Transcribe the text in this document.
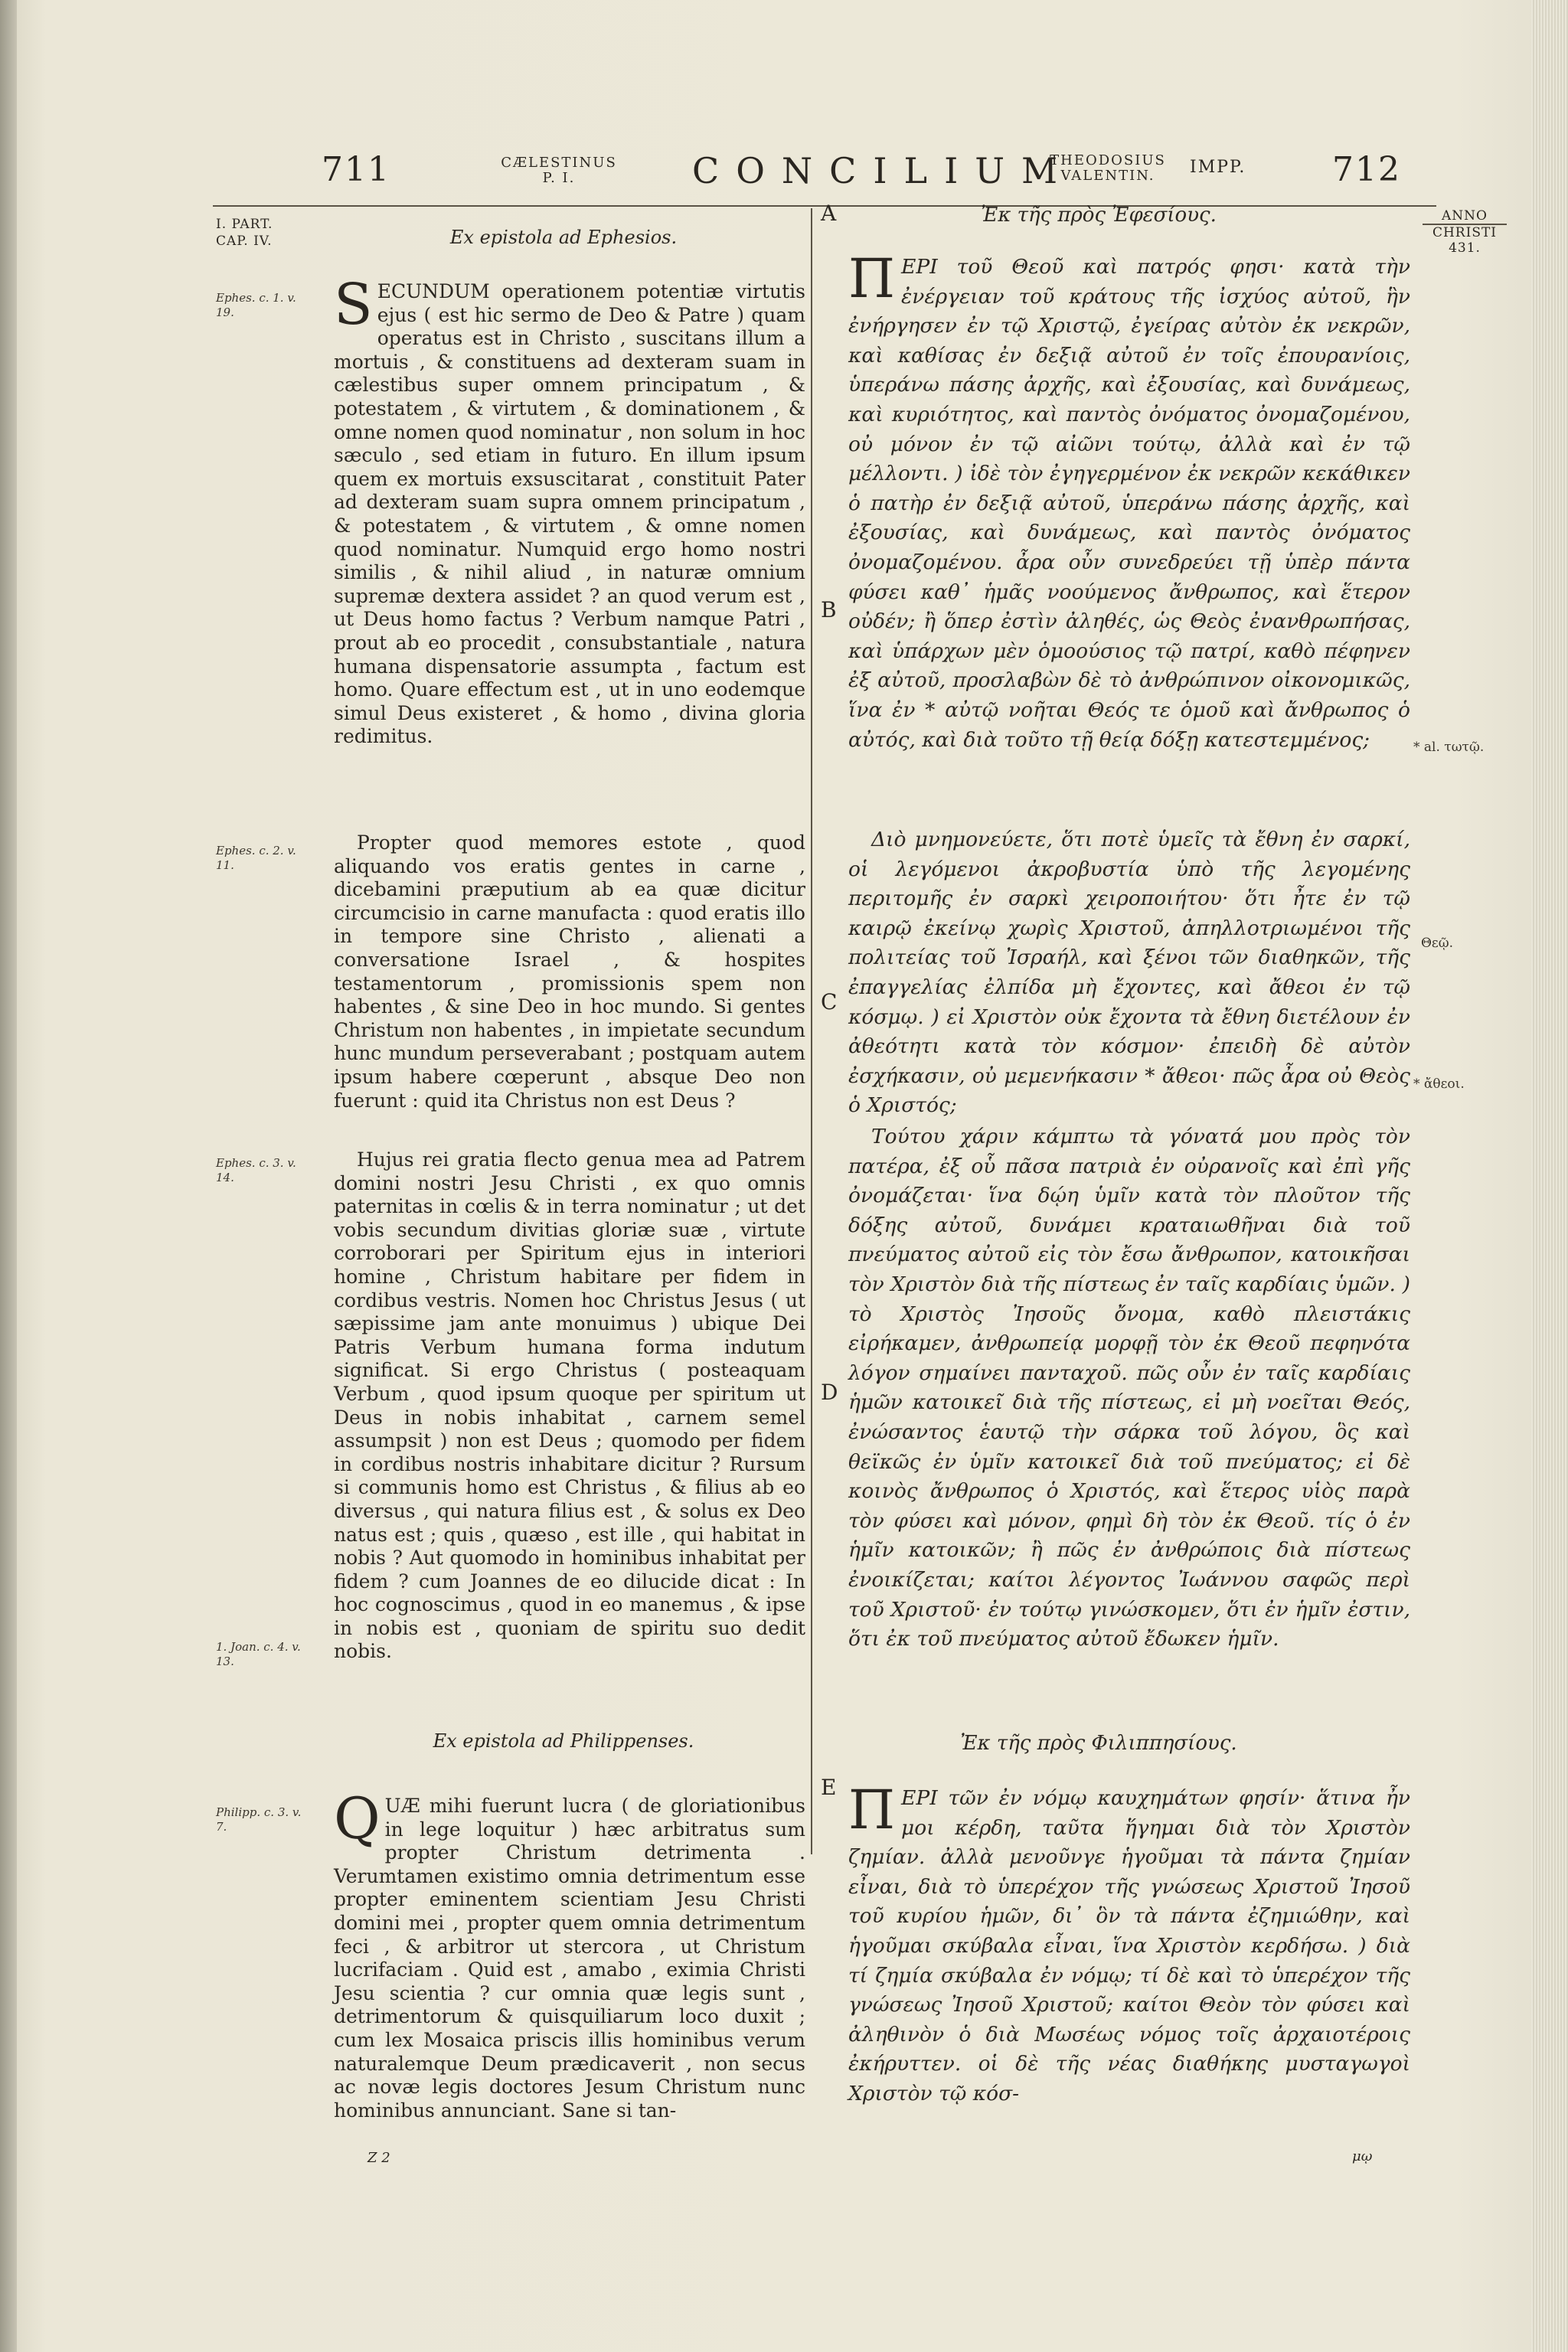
711	CÆLESTINUS
P. I.	CONCILIUM
THEODOSIUS
VALENTIN.	IMPP.	712
I. PART.
CAP. IV.
Ephes. c. 1. v. 19.
Ephes. c. 2. v. 11.
Ephes. c. 3. v. 14.
1. Joan. c. 4. v. 13.
Philipp. c. 3. v. 7.
ANNO
CHRISTI
431.
* al. τωτῷ.
Θεῷ.
* ἄθεοι.
A
B
C
D
E
Ex epistola ad Ephesios.
SECUNDUM operationem potentiæ virtutis ejus ( est hic sermo de Deo & Patre ) quam operatus est in Christo , suscitans illum a mortuis , & constituens ad dexteram suam in cælestibus super omnem principatum , & potestatem , & virtutem , & dominationem , & omne nomen quod nominatur , non solum in hoc sæculo , sed etiam in futuro. En illum ipsum quem ex mortuis exsuscitarat , constituit Pater ad dexteram suam supra omnem principatum , & potestatem , & virtutem , & omne nomen quod nominatur. Numquid ergo homo nostri similis , & nihil aliud , in naturæ omnium supremæ dextera assidet ? an quod verum est , ut Deus homo factus ? Verbum namque Patri , prout ab eo procedit , consubstantiale , natura humana dispensatorie assumpta , factum est homo. Quare effectum est , ut in uno eodemque simul Deus existeret , & homo , divina gloria redimitus.

Propter quod memores estote , quod aliquando vos eratis gentes in carne , dicebamini præputium ab ea quæ dicitur circumcisio in carne manufacta : quod eratis illo in tempore sine Christo , alienati a conversatione Israel , & hospites testamentorum , promissionis spem non habentes , & sine Deo in hoc mundo. Si gentes Christum non habentes , in impietate secundum hunc mundum perseverabant ; postquam autem ipsum habere cœperunt , absque Deo non fuerunt : quid ita Christus non est Deus ?

Hujus rei gratia flecto genua mea ad Patrem domini nostri Jesu Christi , ex quo omnis paternitas in cœlis & in terra nominatur ; ut det vobis secundum divitias gloriæ suæ , virtute corroborari per Spiritum ejus in interiori homine , Christum habitare per fidem in cordibus vestris. Nomen hoc Christus Jesus ( ut sæpissime jam ante monuimus ) ubique Dei Patris Verbum humana forma indutum significat. Si ergo Christus ( posteaquam Verbum , quod ipsum quoque per spiritum ut Deus in nobis inhabitat , carnem semel assumpsit ) non est Deus ; quomodo per fidem in cordibus nostris inhabitare dicitur ? Rursum si communis homo est Christus , & filius ab eo diversus , qui natura filius est , & solus ex Deo natus est ; quis , quæso , est ille , qui habitat in nobis ? Aut quomodo in hominibus inhabitat per fidem ? cum Joannes de eo dilucide dicat : In hoc cognoscimus , quod in eo manemus , & ipse in nobis est , quoniam de spiritu suo dedit nobis.

Ex epistola ad Philippenses.
QUÆ mihi fuerunt lucra ( de gloriationibus in lege loquitur ) hæc arbitratus sum propter Christum detrimenta . Verumtamen existimo omnia detrimentum esse propter eminentem scientiam Jesu Christi domini mei , propter quem omnia detrimentum feci , & arbitror ut stercora , ut Christum lucrifaciam . Quid est , amabo , eximia Christi Jesu scientia ? cur omnia quæ legis sunt , detrimentorum & quisquiliarum loco duxit ; cum lex Mosaica priscis illis hominibus verum naturalemque Deum prædicaverit , non secus ac novæ legis doctores Jesum Christum nunc hominibus annunciant. Sane si tan-
Z 2
Ἐκ τῆς πρὸς Ἐφεσίους.
ΠΕΡΙ τοῦ Θεοῦ καὶ πατρός φησι· κατὰ τὴν ἐνέργειαν τοῦ κράτους τῆς ἰσχύος αὐτοῦ, ἣν ἐνήργησεν ἐν τῷ Χριστῷ, ἐγείρας αὐτὸν ἐκ νεκρῶν, καὶ καθίσας ἐν δεξιᾷ αὐτοῦ ἐν τοῖς ἐπουρανίοις, ὑπεράνω πάσης ἀρχῆς, καὶ ἐξουσίας, καὶ δυνάμεως, καὶ κυριότητος, καὶ παντὸς ὀνόματος ὀνομαζομένου, οὐ μόνον ἐν τῷ αἰῶνι τούτῳ, ἀλλὰ καὶ ἐν τῷ μέλλοντι. ) ἰδὲ τὸν ἐγηγερμένον ἐκ νεκρῶν κεκάθικεν ὁ πατὴρ ἐν δεξιᾷ αὐτοῦ, ὑπεράνω πάσης ἀρχῆς, καὶ ἐξουσίας, καὶ δυνάμεως, καὶ παντὸς ὀνόματος ὀνομαζομένου. ἆρα οὖν συνεδρεύει τῇ ὑπὲρ πάντα φύσει καθ᾽ ἡμᾶς νοούμενος ἄνθρωπος, καὶ ἕτερον οὐδέν; ἢ ὅπερ ἐστὶν ἀληθές, ὡς Θεὸς ἐνανθρωπήσας, καὶ ὑπάρχων μὲν ὁμοούσιος τῷ πατρί, καθὸ πέφηνεν ἐξ αὐτοῦ, προσλαβὼν δὲ τὸ ἀνθρώπινον οἰκονομικῶς, ἵνα ἐν * αὐτῷ νοῆται Θεός τε ὁμοῦ καὶ ἄνθρωπος ὁ αὐτός, καὶ διὰ τοῦτο τῇ θείᾳ δόξῃ κατεστεμμένος;

Διὸ μνημονεύετε, ὅτι ποτὲ ὑμεῖς τὰ ἔθνη ἐν σαρκί, οἱ λεγόμενοι ἀκροβυστία ὑπὸ τῆς λεγομένης περιτομῆς ἐν σαρκὶ χειροποιήτου· ὅτι ἦτε ἐν τῷ καιρῷ ἐκείνῳ χωρὶς Χριστοῦ, ἀπηλλοτριωμένοι τῆς πολιτείας τοῦ Ἰσραήλ, καὶ ξένοι τῶν διαθηκῶν, τῆς ἐπαγγελίας ἐλπίδα μὴ ἔχοντες, καὶ ἄθεοι ἐν τῷ κόσμῳ. ) εἰ Χριστὸν οὐκ ἔχοντα τὰ ἔθνη διετέλουν ἐν ἀθεότητι κατὰ τὸν κόσμον· ἐπειδὴ δὲ αὐτὸν ἐσχήκασιν, οὐ μεμενήκασιν * ἄθεοι· πῶς ἆρα οὐ Θεὸς ὁ Χριστός;

Τούτου χάριν κάμπτω τὰ γόνατά μου πρὸς τὸν πατέρα, ἐξ οὗ πᾶσα πατριὰ ἐν οὐρανοῖς καὶ ἐπὶ γῆς ὀνομάζεται· ἵνα δῴη ὑμῖν κατὰ τὸν πλοῦτον τῆς δόξης αὐτοῦ, δυνάμει κραταιωθῆναι διὰ τοῦ πνεύματος αὐτοῦ εἰς τὸν ἔσω ἄνθρωπον, κατοικῆσαι τὸν Χριστὸν διὰ τῆς πίστεως ἐν ταῖς καρδίαις ὑμῶν. ) τὸ Χριστὸς Ἰησοῦς ὄνομα, καθὸ πλειστάκις εἰρήκαμεν, ἀνθρωπείᾳ μορφῇ τὸν ἐκ Θεοῦ πεφηνότα λόγον σημαίνει πανταχοῦ. πῶς οὖν ἐν ταῖς καρδίαις ἡμῶν κατοικεῖ διὰ τῆς πίστεως, εἰ μὴ νοεῖται Θεός, ἐνώσαντος ἑαυτῷ τὴν σάρκα τοῦ λόγου, ὃς καὶ θεϊκῶς ἐν ὑμῖν κατοικεῖ διὰ τοῦ πνεύματος; εἰ δὲ κοινὸς ἄνθρωπος ὁ Χριστός, καὶ ἕτερος υἱὸς παρὰ τὸν φύσει καὶ μόνον, φημὶ δὴ τὸν ἐκ Θεοῦ. τίς ὁ ἐν ἡμῖν κατοικῶν; ἢ πῶς ἐν ἀνθρώποις διὰ πίστεως ἐνοικίζεται; καίτοι λέγοντος Ἰωάννου σαφῶς περὶ τοῦ Χριστοῦ· ἐν τούτῳ γινώσκομεν, ὅτι ἐν ἡμῖν ἐστιν, ὅτι ἐκ τοῦ πνεύματος αὐτοῦ ἔδωκεν ἡμῖν.

Ἐκ τῆς πρὸς Φιλιππησίους.
ΠΕΡΙ τῶν ἐν νόμῳ καυχημάτων φησίν· ἅτινα ἦν μοι κέρδη, ταῦτα ἥγημαι διὰ τὸν Χριστὸν ζημίαν. ἀλλὰ μενοῦνγε ἡγοῦμαι τὰ πάντα ζημίαν εἶναι, διὰ τὸ ὑπερέχον τῆς γνώσεως Χριστοῦ Ἰησοῦ τοῦ κυρίου ἡμῶν, δι᾽ ὃν τὰ πάντα ἐζημιώθην, καὶ ἡγοῦμαι σκύβαλα εἶναι, ἵνα Χριστὸν κερδήσω. ) διὰ τί ζημία σκύβαλα ἐν νόμῳ; τί δὲ καὶ τὸ ὑπερέχον τῆς γνώσεως Ἰησοῦ Χριστοῦ; καίτοι Θεὸν τὸν φύσει καὶ ἀληθινὸν ὁ διὰ Μωσέως νόμος τοῖς ἀρχαιοτέροις ἐκήρυττεν. οἱ δὲ τῆς νέας διαθήκης μυσταγωγοὶ Χριστὸν τῷ κόσ-
μῳ
